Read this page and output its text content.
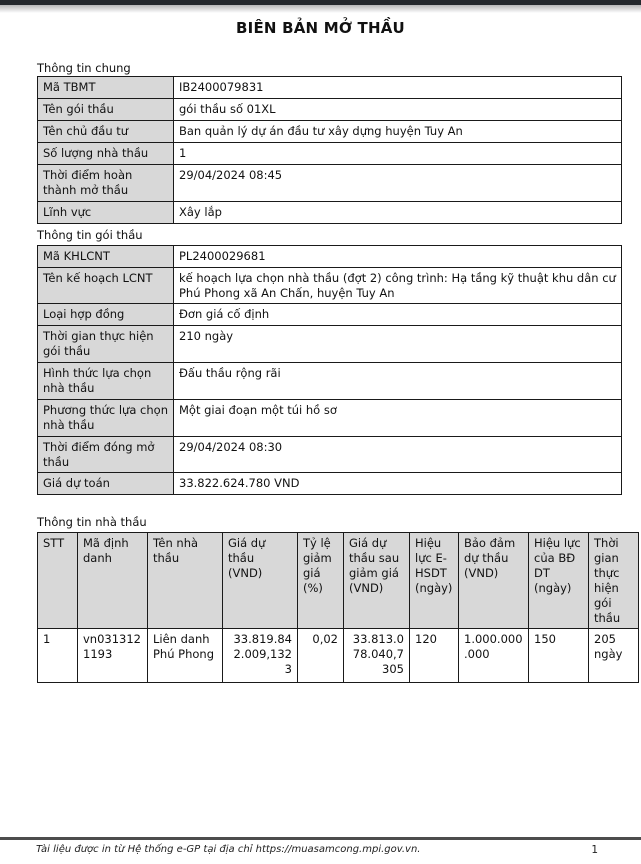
BIÊN BẢN MỞ THẦU
Thông tin chung
Mã TBMT	IB2400079831
Tên gói thầu	gói thầu số 01XL
Tên chủ đầu tư	Ban quản lý dự án đầu tư xây dựng huyện Tuy An
Số lượng nhà thầu	1
Thời điểm hoàn thành mở thầu	29/04/2024 08:45
Lĩnh vực	Xây lắp
Thông tin gói thầu
Mã KHLCNT	PL2400029681
Tên kế hoạch LCNT	kế hoạch lựa chọn nhà thầu (đợt 2) công trình: Hạ tầng kỹ thuật khu dân cư Phú Phong xã An Chấn, huyện Tuy An
Loại hợp đồng	Đơn giá cố định
Thời gian thực hiện gói thầu	210 ngày
Hình thức lựa chọn nhà thầu	Đấu thầu rộng rãi
Phương thức lựa chọn nhà thầu	Một giai đoạn một túi hồ sơ
Thời điểm đóng mở thầu	29/04/2024 08:30
Giá dự toán	33.822.624.780 VND
Thông tin nhà thầu
STT	Mã định danh	Tên nhà thầu	Giá dự thầu (VND)	Tỷ lệ giảm giá (%)	Giá dự thầu sau giảm giá (VND)	Hiệu lực E-HSDT (ngày)	Bảo đảm dự thầu (VND)	Hiệu lực của BĐ DT (ngày)	Thời gian thực hiện gói thầu
1	vn0313121193	Liên danh Phú Phong	33.819.842.009,1323	0,02	33.813.078.040,7305	120	1.000.000.000	150	205 ngày
Tài liệu được in từ Hệ thống e-GP tại địa chỉ https://muasamcong.mpi.gov.vn.	1
